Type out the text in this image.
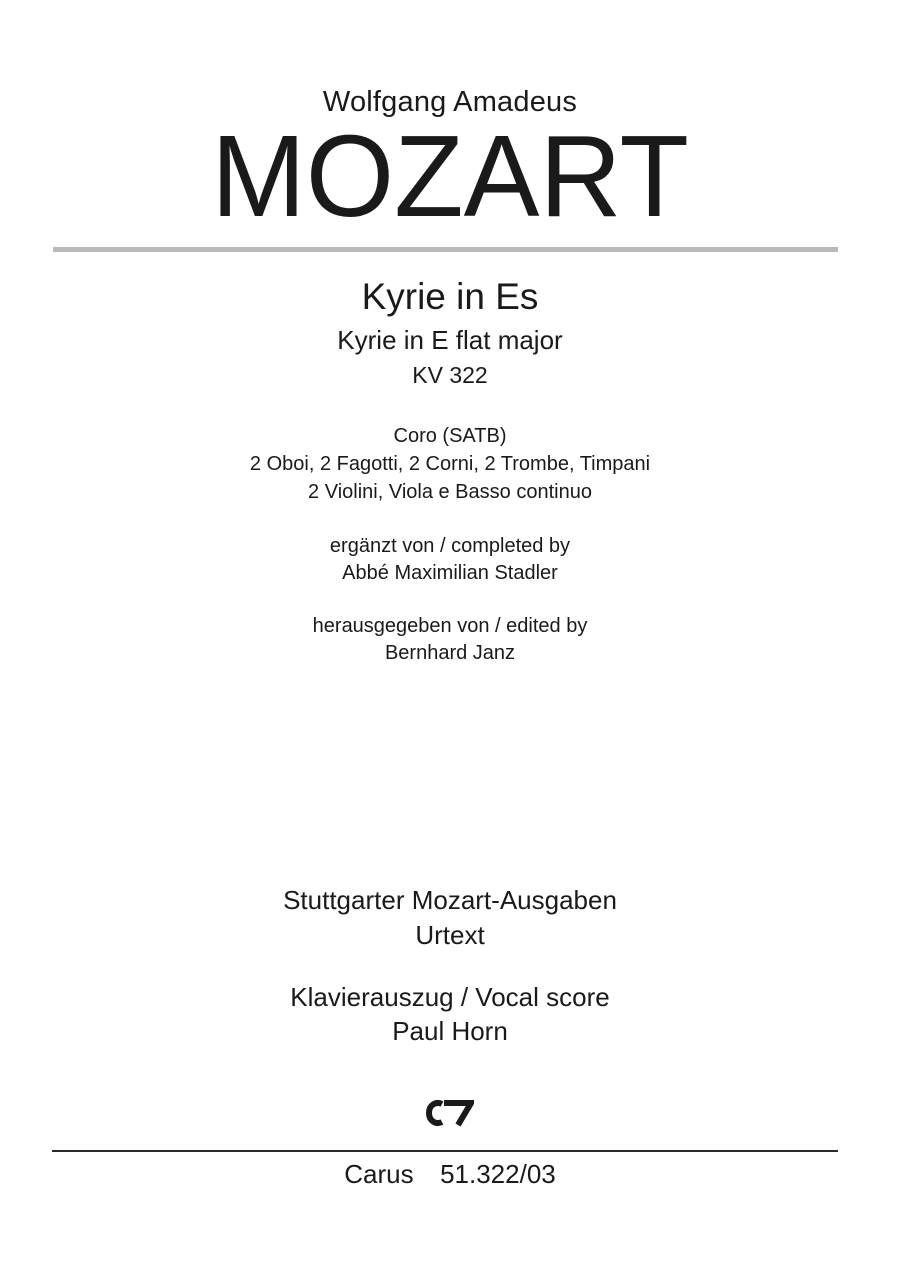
Wolfgang Amadeus
MOZART
Kyrie in Es
Kyrie in E flat major
KV 322
Coro (SATB)
2 Oboi, 2 Fagotti, 2 Corni, 2 Trombe, Timpani
2 Violini, Viola e Basso continuo
ergänzt von / completed by
Abbé Maximilian Stadler
herausgegeben von / edited by
Bernhard Janz
Stuttgarter Mozart-Ausgaben
Urtext
Klavierauszug / Vocal score
Paul Horn
Carus  51.322/03
